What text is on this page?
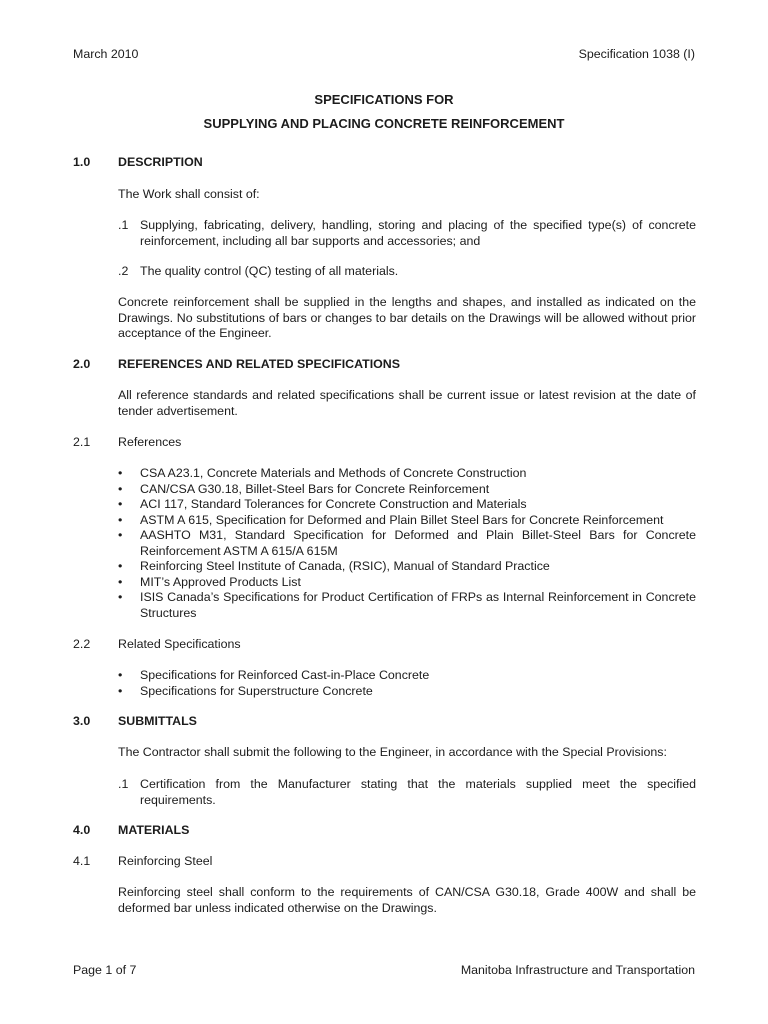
March 2010	Specification 1038 (I)
SPECIFICATIONS FOR
SUPPLYING AND PLACING CONCRETE REINFORCEMENT
1.0 DESCRIPTION
The Work shall consist of:
.1 Supplying, fabricating, delivery, handling, storing and placing of the specified type(s) of concrete reinforcement, including all bar supports and accessories; and
.2 The quality control (QC) testing of all materials.
Concrete reinforcement shall be supplied in the lengths and shapes, and installed as indicated on the Drawings. No substitutions of bars or changes to bar details on the Drawings will be allowed without prior acceptance of the Engineer.
2.0 REFERENCES AND RELATED SPECIFICATIONS
All reference standards and related specifications shall be current issue or latest revision at the date of tender advertisement.
2.1 References
• CSA A23.1, Concrete Materials and Methods of Concrete Construction
• CAN/CSA G30.18, Billet-Steel Bars for Concrete Reinforcement
• ACI 117, Standard Tolerances for Concrete Construction and Materials
• ASTM A 615, Specification for Deformed and Plain Billet Steel Bars for Concrete Reinforcement
• AASHTO M31, Standard Specification for Deformed and Plain Billet-Steel Bars for Concrete Reinforcement ASTM A 615/A 615M
• Reinforcing Steel Institute of Canada, (RSIC), Manual of Standard Practice
• MIT’s Approved Products List
• ISIS Canada’s Specifications for Product Certification of FRPs as Internal Reinforcement in Concrete Structures
2.2 Related Specifications
• Specifications for Reinforced Cast-in-Place Concrete
• Specifications for Superstructure Concrete
3.0 SUBMITTALS
The Contractor shall submit the following to the Engineer, in accordance with the Special Provisions:
.1 Certification from the Manufacturer stating that the materials supplied meet the specified requirements.
4.0 MATERIALS
4.1 Reinforcing Steel
Reinforcing steel shall conform to the requirements of CAN/CSA G30.18, Grade 400W and shall be deformed bar unless indicated otherwise on the Drawings.
Page 1 of 7	Manitoba Infrastructure and Transportation
